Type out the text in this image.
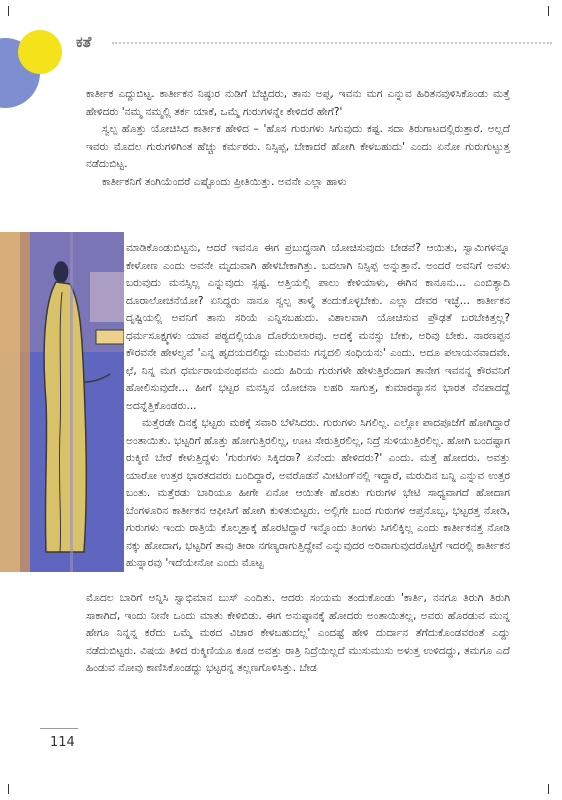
ಕತೆ

ಕಾರ್ತೀಕ ಎದ್ದುಬಿಟ್ಟ. ಕಾರ್ತೀಕನ ನಿಷ್ಠುರ ನುಡಿಗೆ ಬೆಚ್ಚಿದರು, ತಾನು ಅಪ್ಪ, ಇವನು ಮಗ ಎನ್ನುವ ಹಿರಿತನವುಳಿಸಿಕೊಂಡು ಮತ್ತೆ ಹೇಳಿದರು 'ನಮ್ಮ ನಮ್ಮಲ್ಲಿ ತರ್ಕ ಯಾಕೆ, ಒಮ್ಮೆ ಗುರುಗಳನ್ನೇ ಕೇಳಿದರೆ ಹೇಗೆ?'

ಸ್ವಲ್ಪ ಹೊತ್ತು ಯೋಚಿಸಿದ ಕಾರ್ತೀಕ ಹೇಳಿದ – 'ಹೊಸ ಗುರುಗಳು ಸಿಗುವುದು ಕಷ್ಟ. ಸದಾ ತಿರುಗಾಟದಲ್ಲಿರುತ್ತಾರೆ. ಅಲ್ಲದೆ ಇವರು ಮೊದಲ ಗುರುಗಳಿಗಿಂತ ಹೆಚ್ಚು ಕರ್ಮಠರು. ನಿಸ್ಸಿಪ್ಪ, ಬೇಕಾದರೆ ಹೋಗಿ ಕೇಳಬಹುದು' ಎಂದು ಏನೋ ಗುರುಗುಟ್ಟುತ್ತ ನಡೆದುಬಿಟ್ಟ.

ಕಾರ್ತೀಕನಿಗೆ ತಂಗಿಯೆಂದರೆ ಎಷ್ಟೊಂದು ಪ್ರೀತಿಯಿತ್ತು. ಅವನೇ ಎಲ್ಲಾ ಹಾಳು

ಮಾಡಿಕೊಂಡುಬಿಟ್ಟನು, ಆದರೆ ಇವನೂ ಈಗ ಪ್ರಬುದ್ಧನಾಗಿ ಯೋಚಿಸುವುದು ಬೇಡವೆ? ಆಯಿತು, ಸ್ವಾಮಿಗಳನ್ನೂ ಕೇಳೋಣ ಎಂದು ಅವನೇ ಮೃದುವಾಗಿ ಹೇಳಬೇಕಾಗಿತ್ತು. ಬದಲಾಗಿ ನಿಸ್ಸಿಪ್ಪ ಅನ್ನುತ್ತಾನೆ. ಅಂದರೆ ಅವನಿಗೆ ಅವಳು ಬರುವುದು ಮನಸ್ಸಿಲ್ಲ ಎನ್ನುವುದು ಸ್ಪಷ್ಟ. ಅತ್ತಿಯಲ್ಲಿ ಪಾಲು ಕೇಳಿಯಾಳು, ಈಗಿನ ಕಾನೂನು... ಎಂಬಿತ್ಯಾದಿ ದೂರಾಲೋಚನೆಯೋ? ಏನಿದ್ದರು ನಾನೂ ಸ್ವಲ್ಪ ತಾಳ್ಮೆ ತಂದುಕೊಳ್ಳಬೇಕು. ಎಲ್ಲಾ ದೇವರ ಇಚ್ಛೆ... ಕಾರ್ತೀಕನ ದೃಷ್ಟಿಯಲ್ಲಿ ಅವನಿಗೆ ತಾನು ಸರಿಯೆ ಎನ್ನಿಸಬಹುದು. ವಿಶಾಲವಾಗಿ ಯೋಚಿಸುವ ಪ್ರೌಢತೆ ಬರಬೇಕಿತ್ತಲ್ಲ? ಧರ್ಮಸೂಕ್ಷ್ಮಗಳು ಯಾವ ಪಠ್ಯದಲ್ಲಿಯೂ ದೊರೆಯಲಾರವು. ಅದಕ್ಕೆ ಮನಸ್ಸು ಬೇಕು, ಅರಿವು ಬೇಕು. ನಾರಣಪ್ಪನ ಕೌರವನೇ ಹೇಳಲ್ವವೆ 'ಎನ್ನ ಹೃದಯದಲಿದ್ದು ಮುರಿವನು ಗನ್ನದಲಿ ಸಂಧಿಯನು' ಎಂದು. ಅದೂ ಪಲಾಯನವಾದವೇ. ಛೆ, ನಿನ್ನ ಮಗ ಧರ್ಮರಾಯನಂಥವನು ಎಂದು ಹಿರಿಯ ಗುರುಗಳೇ ಹೇಳುತ್ತಿರೆಂದಾಗ ತಾನೇಗ ಇವನನ್ನ ಕೌರವನಿಗೆ ಹೋಲಿಸುವುದೇ... ಹೀಗೆ ಭಟ್ಟರ ಮನಸ್ಸಿನ ಯೋಚನಾ ಲಹರಿ ಸಾಗುತ್ತ, ಕುಮಾರವ್ಯಾಸನ ಭಾರತ ನೆನಪಾದದ್ದೆ ಅದನ್ನೆತ್ತಿಕೊಂಡರು...

ಮತ್ತೆರಡೇ ದಿನಕ್ಕೆ ಭಟ್ಟರು ಮಠಕ್ಕೆ ಸವಾರಿ ಬೆಳೆಸಿದರು. ಗುರುಗಳು ಸಿಗಲಿಲ್ಲ. ಎಲ್ಲೋ ಪಾದಪೂಜೆಗೆ ಹೋಗಿದ್ದಾರೆ ಅಂತಾಯಿತು. ಭಟ್ಟರಿಗೆ ಹೊತ್ತು ಹೋಗುತ್ತಿರಲಿಲ್ಲ, ಊಟ ಸೇರುತ್ತಿರಲಿಲ್ಲ, ನಿದ್ರೆ ಸುಳಿಯುತ್ತಿರಲಿಲ್ಲ. ಹೋಗಿ ಬಂದಷ್ಟಾಗ ರುಕ್ಮಿಣಿ ಬೇರೆ ಕೇಳುತ್ತಿದ್ದಳು 'ಗುರುಗಳು ಸಿಕ್ಕಿದರಾ? ಏನೆಂದು ಹೇಳಿದರು?' ಎಂದು. ಮತ್ತೆ ಹೋದರು. ಅವತ್ತು ಯಾರೋ ಉತ್ತರ ಭಾರತದವರು ಬಂದಿದ್ದಾರೆ, ಅವರೊಡನೆ ಮೀಟಿಂಗ್‌ನಲ್ಲಿ ಇದ್ದಾರೆ, ಮರುದಿನ ಬನ್ನಿ ಎನ್ನುವ ಉತ್ತರ ಬಂತು. ಮತ್ತೆರಡು ಬಾರಿಯೂ ಹೀಗೇ ಏನೋ ಆಯಿತೇ ಹೊರತು ಗುರುಗಳ ಭೇಟಿ ಸಾಧ್ಯವಾಗದೆ ಹೋದಾಗ ಬೆಂಗಳೂರಿನ ಕಾರ್ತೀಕನ ಆಫೀಸಿಗೆ ಹೋಗಿ ಕುಳಿತುಬಿಟ್ಟರು. ಅಲ್ಲಿಗೇ ಬಂದ ಗುರುಗಳ ಆಪ್ತನೊಬ್ಬ, ಭಟ್ಟರತ್ತ ನೋಡಿ, ಗುರುಗಳು ಇಂದು ರಾತ್ರಿಯೆ ಕೊಲ್ಕತ್ತಾಕ್ಕೆ ಹೊರಟಿದ್ದಾರೆ ಇನ್ನೊಂದು ತಿಂಗಳು ಸಿಗಲಿಕ್ಕಿಲ್ಲ ಎಂದು ಕಾರ್ತೀಕನತ್ತ ನೋಡಿ ನಕ್ಕು ಹೋದಾಗ, ಭಟ್ಟರಿಗೆ ತಾವು ತೀರಾ ನಗಣ್ಯರಾಗುತ್ತಿದ್ದೇವೆ ಎನ್ನುವುದರ ಅರಿವಾಗುವುದರೊಟ್ಟಿಗೆ ಇದರಲ್ಲಿ ಕಾರ್ತೀಕನ ಹುನ್ನಾರವು 'ಇದೆಯೇನೋ ಎಂದು ಮೊಟ್ಟ

ಮೊದಲ ಬಾರಿಗೆ ಅನ್ನಿಸಿ ಸ್ವಾಭಿಮಾನ ಬುಸ್ ಎಂದಿತು. ಆದರು ಸಂಯಮ ತಂದುಕೊಂಡು 'ಕಾರ್ತಿ, ನನಗೂ ತಿರುಗಿ ತಿರುಗಿ ಸಾಕಾಗಿದೆ, ಇಂದು ನೀನೇ ಒಂದು ಮಾತು ಕೇಳಿಬಿಡು. ಈಗ ಅನುಷ್ಠಾನಕ್ಕೆ ಹೋದರು ಅಂತಾಯಿತಲ್ಲ, ಅವರು ಹೊರಡುವ ಮುನ್ನ ಹೇಗೂ ನಿನ್ನನ್ನ ಕರೆದು ಒಮ್ಮೆ ಮಠದ ವಿಚಾರ ಕೇಳಬಹುದಲ್ಲ' ಎಂದಷ್ಟೆ ಹೇಳಿ ದುರ್ದಾನ ತೆಗೆದುಕೊಂಡವರಂತೆ ಎದ್ದು ನಡೆದುಬಿಟ್ಟರು. ವಿಷಯ ತಿಳಿದ ರುಕ್ಮಿಣಿಯೂ ಕೂಡ ಅವತ್ತು ರಾತ್ರಿ ನಿದ್ರೆಯಿಲ್ಲದೆ ಮುಸುಮುಸು ಅಳುತ್ತ ಉಳಿದದ್ದು, ತಮಗೂ ಎದೆ ಹಿಂಡುವ ನೋವು ಕಾಣಿಸಿಕೊಂಡದ್ದು ಭಟ್ಟರನ್ನ ತಲ್ಲಣಗೊಳಿಸಿತ್ತು. ಬೇಡ

114
